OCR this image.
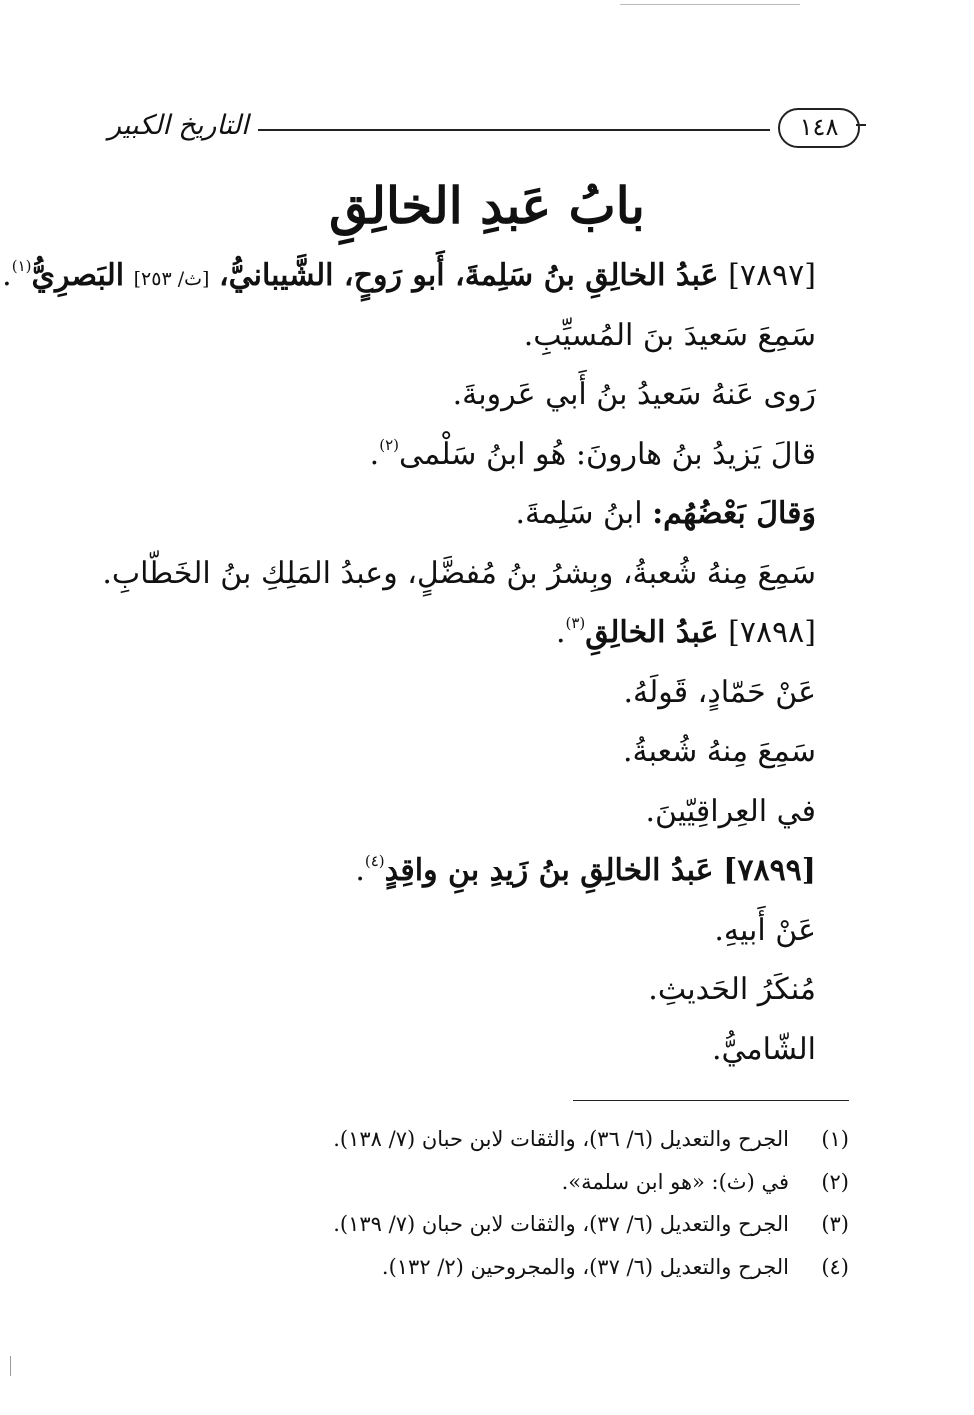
التاريخ الكبير	١٤٨
بابُ عَبدِ الخالِقِ
[٧٨٩٧] عَبدُ الخالِقِ بنُ سَلِمةَ، أَبو رَوحٍ، الشَّيبانيُّ، [ث/ ٢٥٣] البَصرِيُّ$^{(١)}$.
سَمِعَ سَعيدَ بنَ المُسيِّبِ.
رَوى عَنهُ سَعيدُ بنُ أَبي عَروبةَ.
قالَ يَزيدُ بنُ هارونَ: هُو ابنُ سَلْمى$^{(٢)}$.
وَقالَ بَعْضُهُم: ابنُ سَلِمةَ.
سَمِعَ مِنهُ شُعبةُ، وبِشرُ بنُ مُفضَّلٍ، وعبدُ المَلِكِ بنُ الخَطّابِ.
[٧٨٩٨] عَبدُ الخالِقِ$^{(٣)}$.
عَنْ حَمّادٍ، قَولَهُ.
سَمِعَ مِنهُ شُعبةُ.
في العِراقِيّينَ.
[٧٨٩٩] عَبدُ الخالِقِ بنُ زَيدِ بنِ واقِدٍ$^{(٤)}$.
عَنْ أَبيهِ.
مُنكَرُ الحَديثِ.
الشّاميُّ.
(١)الجرح والتعديل (٦/ ٣٦)، والثقات لابن حبان (٧/ ١٣٨).
(٢)في (ث): «هو ابن سلمة».
(٣)الجرح والتعديل (٦/ ٣٧)، والثقات لابن حبان (٧/ ١٣٩).
(٤)الجرح والتعديل (٦/ ٣٧)، والمجروحين (٢/ ١٣٢).
